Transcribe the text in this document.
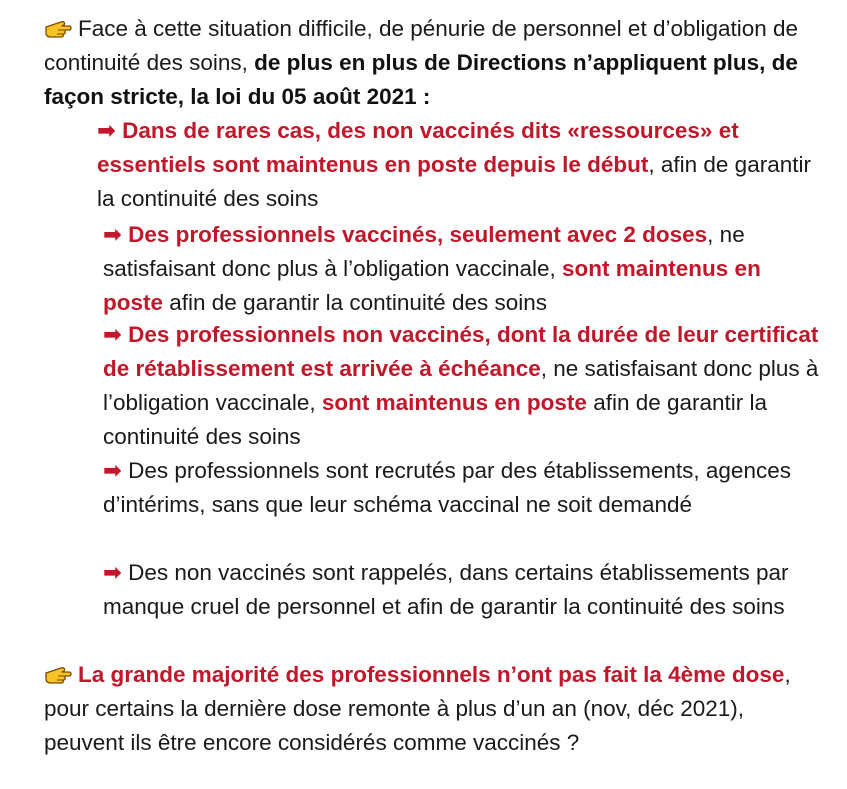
Face à cette situation difficile, de pénurie de personnel et d’obligation de continuité des soins, de plus en plus de Directions n’appliquent plus, de façon stricte, la loi du 05 août 2021 :
➡ Dans de rares cas, des non vaccinés dits «ressources» et essentiels sont maintenus en poste depuis le début, afin de garantir la continuité des soins
➡ Des professionnels vaccinés, seulement avec 2 doses, ne satisfaisant donc plus à l’obligation vaccinale, sont maintenus en poste afin de garantir la continuité des soins
➡ Des professionnels non vaccinés, dont la durée de leur certificat de rétablissement est arrivée à échéance, ne satisfaisant donc plus à l’obligation vaccinale, sont maintenus en poste afin de garantir la continuité des soins
➡ Des professionnels sont recrutés par des établissements, agences d’intérims, sans que leur schéma vaccinal ne soit demandé
➡ Des non vaccinés sont rappelés, dans certains établissements par manque cruel de personnel et afin de garantir la continuité des soins
La grande majorité des professionnels n’ont pas fait la 4ème dose, pour certains la dernière dose remonte à plus d’un an (nov, déc 2021), peuvent ils être encore considérés comme vaccinés ?
